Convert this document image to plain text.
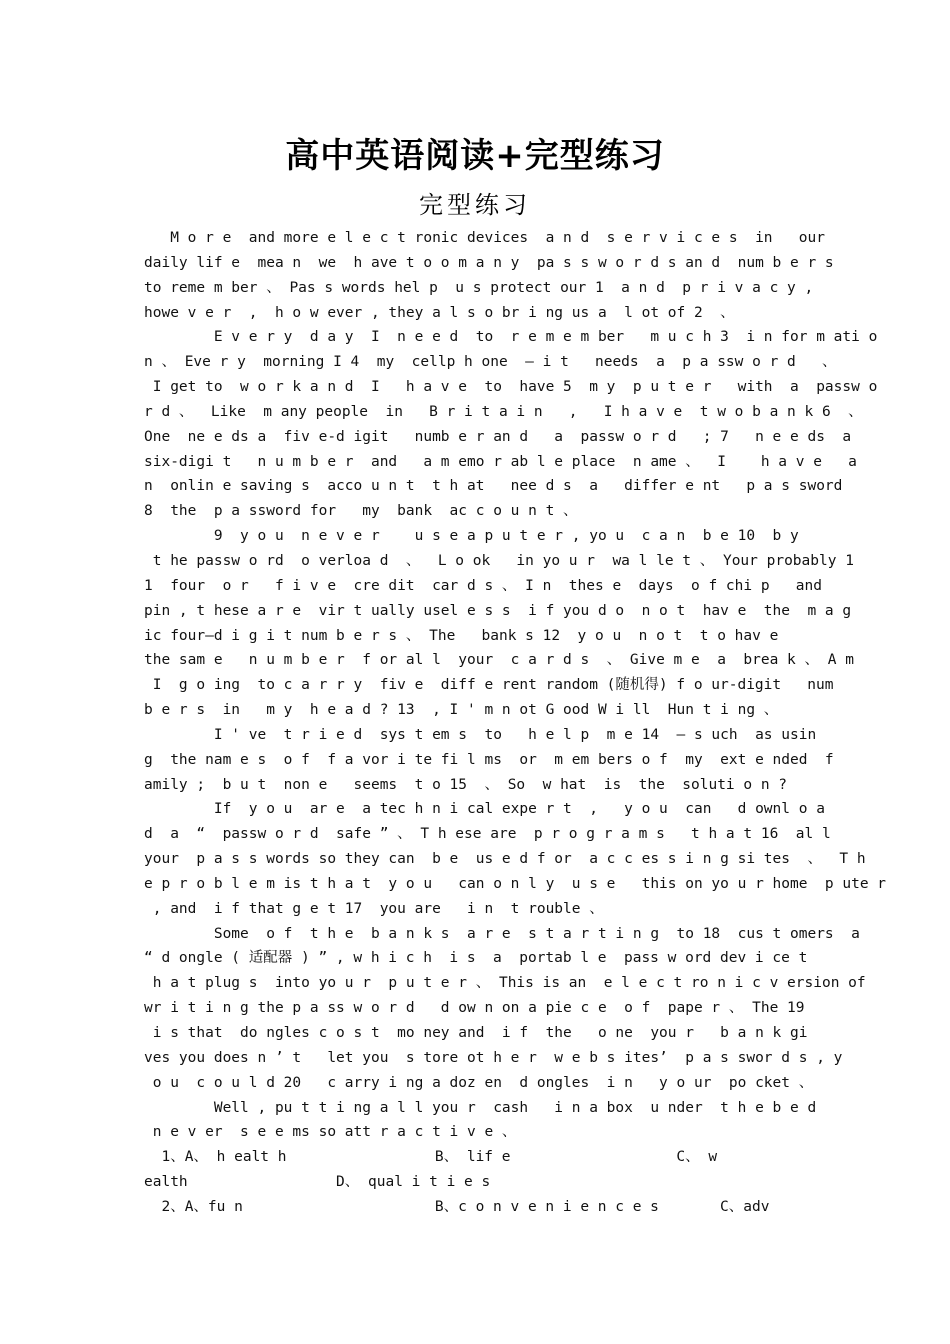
高中英语阅读+完型练习
完型练习
M o r e  and more e l e c t ronic devices  a n d  s e r v i c e s  in   our
daily lif e  mea n  we  h ave t o o m a n y  pa s s w o r d s an d  num b e r s
to reme m ber 、 Pas s words hel p  u s protect our 1  a n d  p r i v a c y ,
howe v e r  ,  h o w ever , they a l s o br i ng us a  l ot of 2  、
E v e r y  d a y  I  n e e d  to  r e m e m ber   m u c h 3  i n for m ati o
n 、 Eve r y  morning I 4  my  cellp h one  — i t   needs  a  p a ssw o r d   、
I get to  w o r k a n d  I   h a v e  to  have 5  m y  p u t e r   with  a  passw o
r d 、  Like  m any people  in   B r i t a i n   ,   I h a v e  t w o b a n k 6  、
One  ne e ds a  fiv e-d igit   numb e r an d   a  passw o r d   ; 7   n e e ds  a
six-digi t   n u m b e r  and   a m emo r ab l e place  n ame 、  I    h a v e   a
n  onlin e saving s  acco u n t  t h at   nee d s  a   differ e nt   p a s sword
8  the  p a ssword for   my  bank  ac c o u n t 、
9  y o u  n e v e r    u s e a p u t e r , yo u  c a n  b e 10  b y
t he passw o rd  o verloa d  、  L o ok   in yo u r  wa l le t 、 Your probably 1
1  four  o r   f i v e  cre dit  car d s 、 I n  thes e  days  o f chi p   and
pin , t hese a r e  vir t ually usel e s s  i f you d o  n o t  hav e  the  m a g
ic four—d i g i t num b e r s 、 The   bank s 12  y o u  n o t  t o hav e
the sam e   n u m b e r  f or al l  your  c a r d s  、 Give m e  a  brea k 、 A m
I  g o ing  to c a r r y  fiv e  diff e rent random (随机得) f o ur-digit   num
b e r s  in   m y  h e a d ? 13  , I ' m n ot G ood W i ll  Hun t i ng 、
I ' ve  t r i e d  sys t em s  to   h e l p  m e 14  — s uch  as usin
g  the nam e s  o f  f a vor i te fi l ms  or  m em bers o f  my  ext e nded  f
amily ;  b u t  non e   seems  t o 15  、 So  w hat  is  the  soluti o n ?
If  y o u  ar e  a tec h n i cal expe r t  ,   y o u  can   d ownl o a
d  a  “  passw o r d  safe ” 、 T h ese are  p r o g r a m s   t h a t 16  al l
your  p a s s words so they can  b e  us e d f or  a c c es s i n g si tes  、  T h
e p r o b l e m is t h a t  y o u   can o n l y  u s e   this on yo u r home  p ute r
, and  i f that g e t 17  you are   i n  t rouble 、
Some  o f  t h e  b a n k s  a r e  s t a r t i n g  to 18  cus t omers  a
“ d ongle ( 适配器 ) ” , w h i c h  i s  a  portab l e  pass w ord dev i ce t
h a t plug s  into yo u r  p u t e r 、 This is an  e l e c t ro n i c v ersion of
wr i t i n g the p a ss w o r d   d ow n on a pie c e  o f  pape r 、 The 19
i s that  do ngles c o s t  mo ney and  i f  the   o ne  you r   b a n k gi
ves you does n ’ t   let you  s tore ot h e r  w e b s ites’  p a s swor d s , y
o u  c o u l d 20   c arry i ng a doz en  d ongles  i n   y o ur  po cket 、
Well , pu t t i ng a l l you r  cash   i n a box  u nder  t h e b e d
n e v er  s e e ms so att r a c t i v e 、
1、A、 h ealt h                 B、 lif e                   C、 w
ealth                 D、 qual i t i e s
2、A、fu n                      B、c o n v e n i e n c e s       C、adv
